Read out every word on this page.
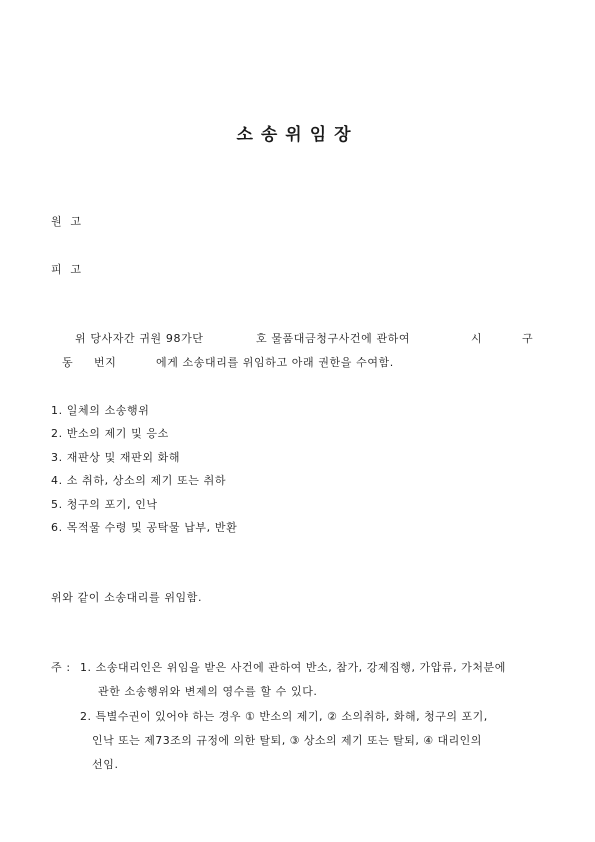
소송위임장
원  고
피  고
위 당사자간 귀원 98가단	호 물품대금청구사건에 관하여	시	구
동 번지	에게 소송대리를 위임하고 아래 권한을 수여함.
1. 일체의 소송행위
2. 반소의 제기 및 응소
3. 재판상 및 재판외 화해
4. 소 취하, 상소의 제기 또는 취하
5. 청구의 포기, 인낙
6. 목적물 수령 및 공탁물 납부, 반환
위와 같이 소송대리를 위임함.
주 : 1. 소송대리인은 위임을 받은 사건에 관하여 반소, 참가, 강제집행, 가압류, 가처분에
관한 소송행위와 변제의 영수를 할 수 있다.
2. 특별수권이 있어야 하는 경우 ① 반소의 제기, ② 소의취하, 화해, 청구의 포기,
인낙 또는 제73조의 규정에 의한 탈퇴, ③ 상소의 제기 또는 탈퇴, ④ 대리인의
선임.
